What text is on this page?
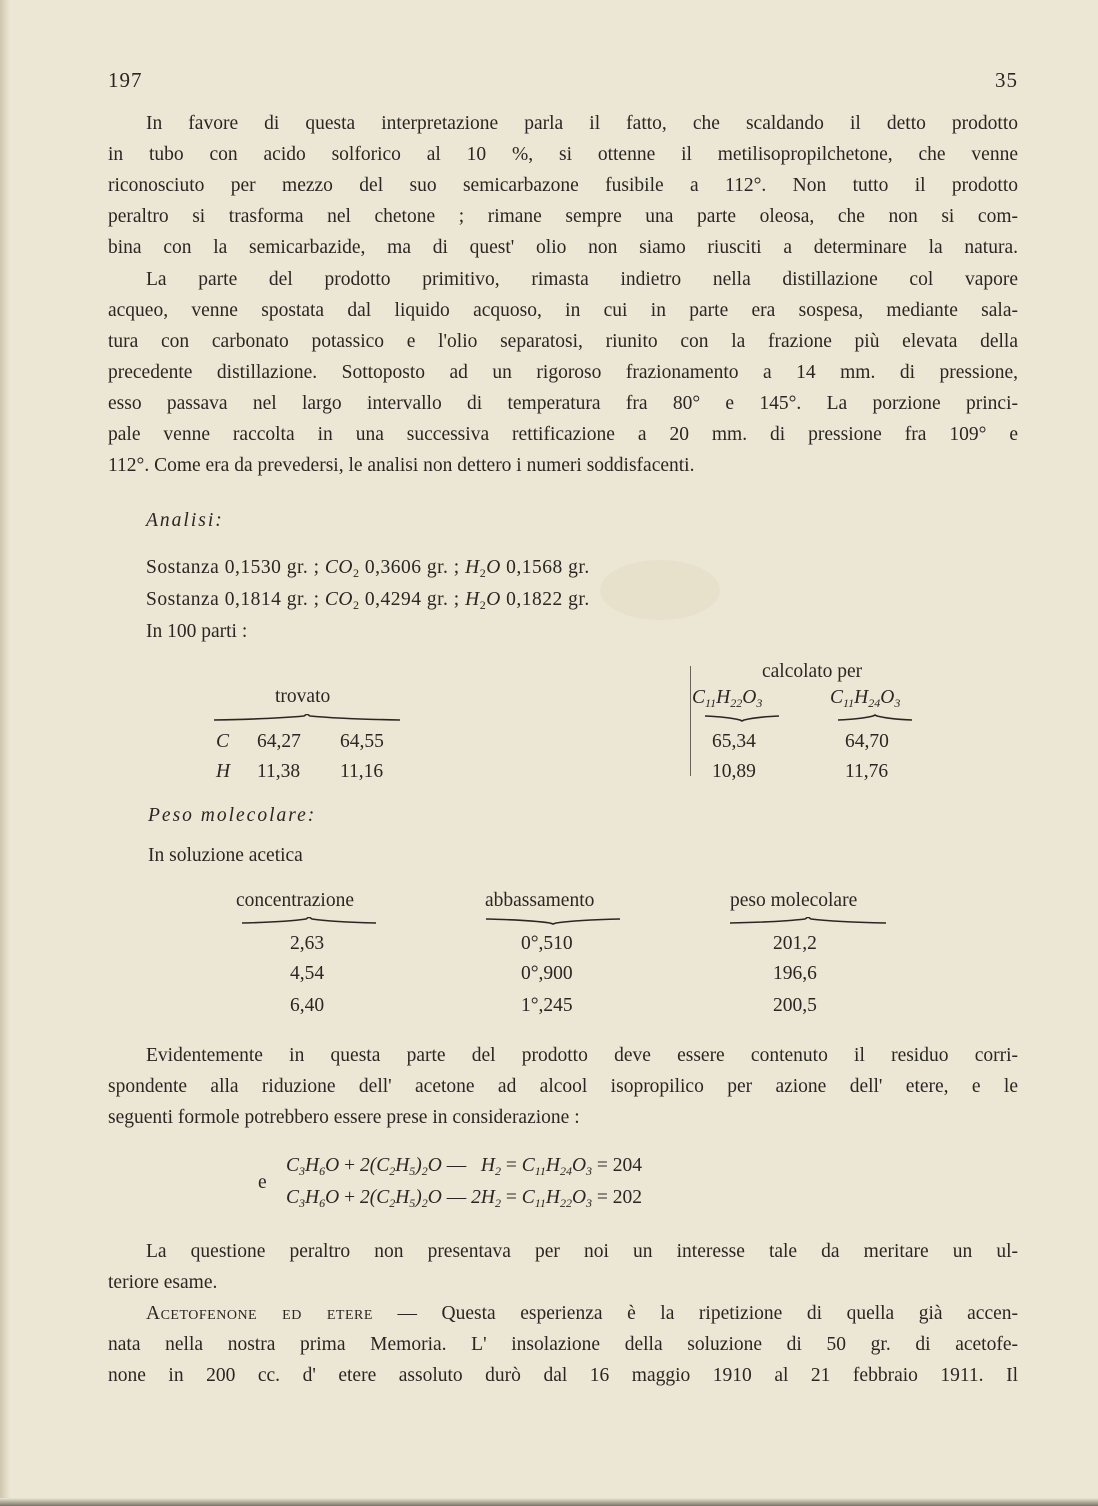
197	35
In favore di questa interpretazione parla il fatto, che scaldando il detto prodotto
in tubo con acido solforico al 10 %, si ottenne il metilisopropilchetone, che venne
riconosciuto per mezzo del suo semicarbazone fusibile a 112°. Non tutto il prodotto
peraltro si trasforma nel chetone ; rimane sempre una parte oleosa, che non si com-
bina con la semicarbazide, ma di quest' olio non siamo riusciti a determinare la natura.
La parte del prodotto primitivo, rimasta indietro nella distillazione col vapore
acqueo, venne spostata dal liquido acquoso, in cui in parte era sospesa, mediante sala-
tura con carbonato potassico e l'olio separatosi, riunito con la frazione più elevata della
precedente distillazione. Sottoposto ad un rigoroso frazionamento a 14 mm. di pressione,
esso passava nel largo intervallo di temperatura fra 80° e 145°. La porzione princi-
pale venne raccolta in una successiva rettificazione a 20 mm. di pressione fra 109° e
112°. Come era da prevedersi, le analisi non dettero i numeri soddisfacenti.
Analisi:
Sostanza 0,1530 gr. ; $CO_2$ 0,3606 gr. ; $H_2O$ 0,1568 gr.
Sostanza 0,1814 gr. ; $CO_2$ 0,4294 gr. ; $H_2O$ 0,1822 gr.
In 100 parti :
calcolato per
trovato	$C_{11}H_{22}O_3$	$C_{11}H_{24}O_3$
C 64,27 64,55	65,34	64,70
H 11,38 11,16	10,89	11,76
Peso molecolare:
In soluzione acetica
concentrazione	abbassamento	peso molecolare
2,63	0°,510	201,2
4,54	0°,900	196,6
6,40	1°,245	200,5
Evidentemente in questa parte del prodotto deve essere contenuto il residuo corri-
spondente alla riduzione dell' acetone ad alcool isopropilico per azione dell' etere, e le
seguenti formole potrebbero essere prese in considerazione :
e
$C_3H_6O + 2(C_2H_5)_2O$ —   $H_2 = C_{11}H_{24}O_3 = 204$
$C_3H_6O + 2(C_2H_5)_2O$ — $2H_2 = C_{11}H_{22}O_3 = 202$
La questione peraltro non presentava per noi un interesse tale da meritare un ul-
teriore esame.
Acetofenone ed etere — Questa esperienza è la ripetizione di quella già accen-
nata nella nostra prima Memoria. L' insolazione della soluzione di 50 gr. di acetofe-
none in 200 cc. d' etere assoluto durò dal 16 maggio 1910 al 21 febbraio 1911. Il
